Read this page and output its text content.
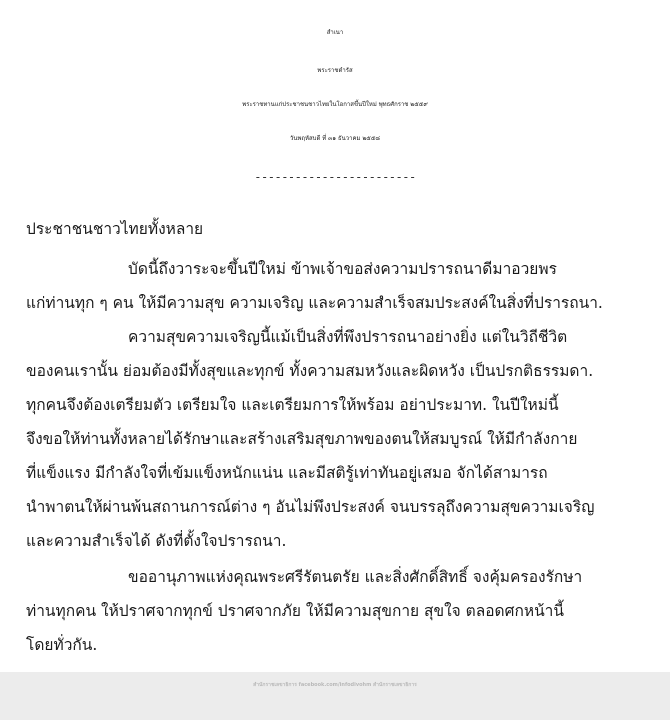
สำเนา
พระราชดำรัส
พระราชทานแก่ประชาชนชาวไทยในโอกาสขึ้นปีใหม่ พุทธศักราช ๒๕๕๙
วันพฤหัสบดี ที่ ๓๑ ธันวาคม ๒๕๕๘
------------------------
ประชาชนชาวไทยทั้งหลาย
บัดนี้ถึงวาระจะขึ้นปีใหม่ ข้าพเจ้าขอส่งความปรารถนาดีมาอวยพร
แก่ท่านทุก ๆ คน ให้มีความสุข ความเจริญ และความสำเร็จสมประสงค์ในสิ่งที่ปรารถนา.
ความสุขความเจริญนี้แม้เป็นสิ่งที่พึงปรารถนาอย่างยิ่ง แต่ในวิถีชีวิต
ของคนเรานั้น ย่อมต้องมีทั้งสุขและทุกข์ ทั้งความสมหวังและผิดหวัง เป็นปรกติธรรมดา.
ทุกคนจึงต้องเตรียมตัว เตรียมใจ และเตรียมการให้พร้อม อย่าประมาท. ในปีใหม่นี้
จึงขอให้ท่านทั้งหลายได้รักษาและสร้างเสริมสุขภาพของตนให้สมบูรณ์ ให้มีกำลังกาย
ที่แข็งแรง มีกำลังใจที่เข้มแข็งหนักแน่น และมีสติรู้เท่าทันอยู่เสมอ จักได้สามารถ
นำพาตนให้ผ่านพ้นสถานการณ์ต่าง ๆ อันไม่พึงประสงค์ จนบรรลุถึงความสุขความเจริญ
และความสำเร็จได้ ดังที่ตั้งใจปรารถนา.
ขออานุภาพแห่งคุณพระศรีรัตนตรัย และสิ่งศักดิ์สิทธิ์ จงคุ้มครองรักษา
ท่านทุกคน ให้ปราศจากทุกข์ ปราศจากภัย ให้มีความสุขกาย สุขใจ ตลอดศกหน้านี้
โดยทั่วกัน.
สำนักราชเลขาธิการ facebook.com/infodivohm สำนักราชเลขาธิการ
